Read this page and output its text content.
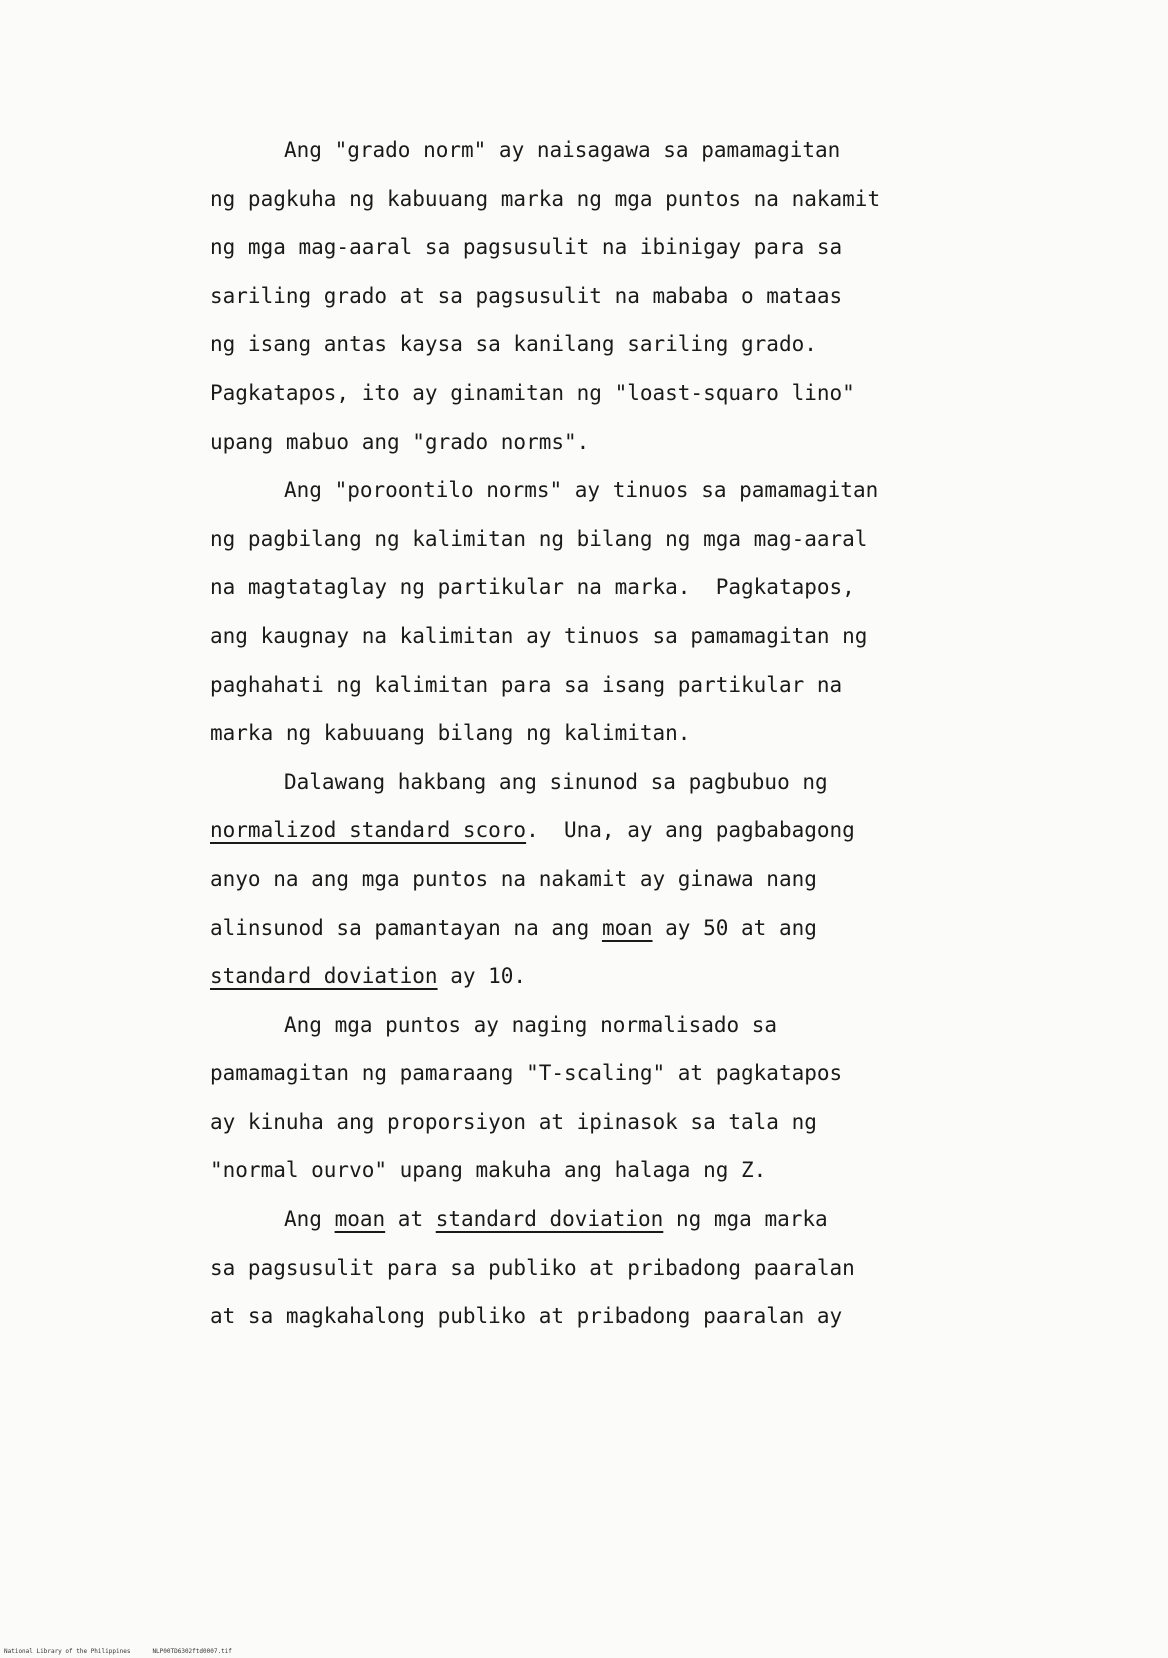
Ang "grado norm" ay naisagawa sa pamamagitan
ng pagkuha ng kabuuang marka ng mga puntos na nakamit
ng mga mag-aaral sa pagsusulit na ibinigay para sa
sariling grado at sa pagsusulit na mababa o mataas
ng isang antas kaysa sa kanilang sariling grado.
Pagkatapos, ito ay ginamitan ng "loast-squaro lino"
upang mabuo ang "grado norms".
Ang "poroontilo norms" ay tinuos sa pamamagitan
ng pagbilang ng kalimitan ng bilang ng mga mag-aaral
na magtataglay ng partikular na marka.  Pagkatapos,
ang kaugnay na kalimitan ay tinuos sa pamamagitan ng
paghahati ng kalimitan para sa isang partikular na
marka ng kabuuang bilang ng kalimitan.
Dalawang hakbang ang sinunod sa pagbubuo ng
normalizod standard scoro.  Una, ay ang pagbabagong
anyo na ang mga puntos na nakamit ay ginawa nang
alinsunod sa pamantayan na ang moan ay 50 at ang
standard doviation ay 10.
Ang mga puntos ay naging normalisado sa
pamamagitan ng pamaraang "T-scaling" at pagkatapos
ay kinuha ang proporsiyon at ipinasok sa tala ng
"normal ourvo" upang makuha ang halaga ng Z.
Ang moan at standard doviation ng mga marka
sa pagsusulit para sa publiko at pribadong paaralan
at sa magkahalong publiko at pribadong paaralan ay
National Library of the Philippines	NLP00TD6302ftd0007.tif
